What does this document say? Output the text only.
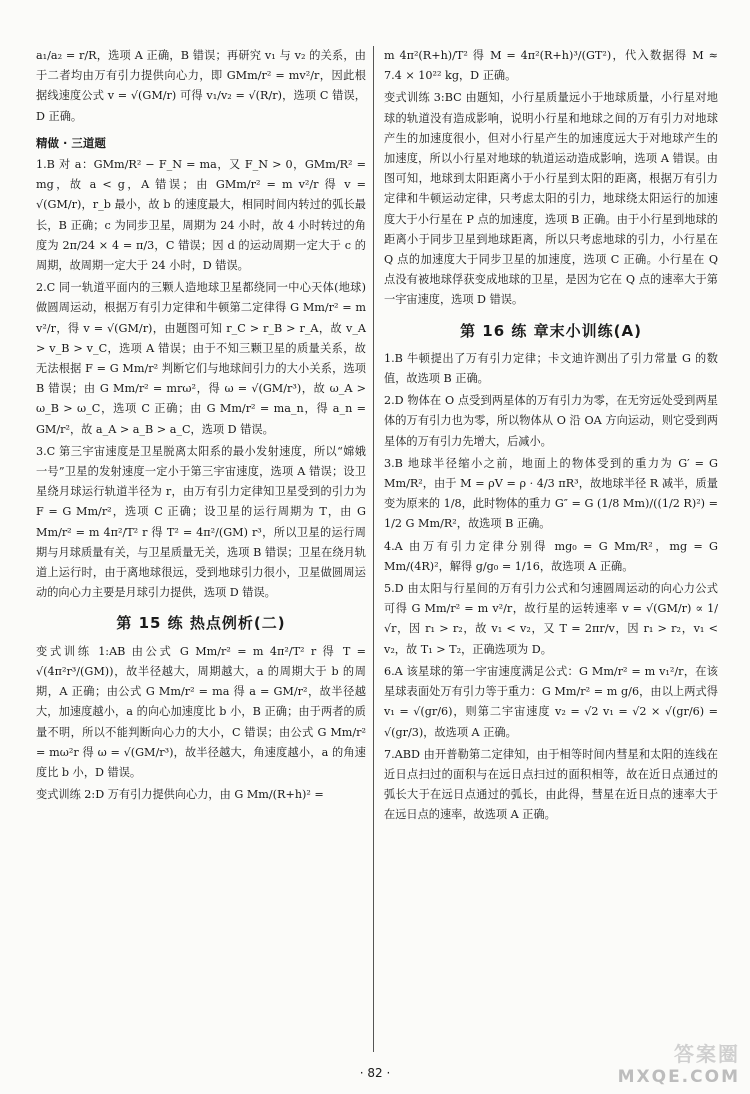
a₁/a₂ = r/R，选项 A 正确，B 错误；再研究 v₁ 与 v₂ 的关系，由于二者均由万有引力提供向心力，即 GMm/r² = mv²/r，因此根据线速度公式 v = √(GM/r) 可得 v₁/v₂ = √(R/r)，选项 C 错误，D 正确。

精做 · 三道题

1.B 对 a：GMm/R² − F_N = ma，又 F_N > 0，GMm/R² = mg，故 a < g，A 错误；由 GMm/r² = m v²/r 得 v = √(GM/r)，r_b 最小，故 b 的速度最大，相同时间内转过的弧长最长，B 正确；c 为同步卫星，周期为 24 小时，故 4 小时转过的角度为 2π/24 × 4 = π/3，C 错误；因 d 的运动周期一定大于 c 的周期，故周期一定大于 24 小时，D 错误。

2.C 同一轨道平面内的三颗人造地球卫星都绕同一中心天体(地球)做圆周运动，根据万有引力定律和牛顿第二定律得 G Mm/r² = m v²/r，得 v = √(GM/r)，由题图可知 r_C > r_B > r_A，故 v_A > v_B > v_C，选项 A 错误；由于不知三颗卫星的质量关系，故无法根据 F = G Mm/r² 判断它们与地球间引力的大小关系，选项 B 错误；由 G Mm/r² = mrω²，得 ω = √(GM/r³)，故 ω_A > ω_B > ω_C，选项 C 正确；由 G Mm/r² = ma_n，得 a_n = GM/r²，故 a_A > a_B > a_C，选项 D 错误。

3.C 第三宇宙速度是卫星脱离太阳系的最小发射速度，所以“嫦娥一号”卫星的发射速度一定小于第三宇宙速度，选项 A 错误；设卫星绕月球运行轨道半径为 r，由万有引力定律知卫星受到的引力为 F = G Mm/r²，选项 C 正确；设卫星的运行周期为 T，由 G Mm/r² = m 4π²/T² r 得 T² = 4π²/(GM) r³，所以卫星的运行周期与月球质量有关，与卫星质量无关，选项 B 错误；卫星在绕月轨道上运行时，由于离地球很远，受到地球引力很小，卫星做圆周运动的向心力主要是月球引力提供，选项 D 错误。

第 15 练 热点例析(二)

变式训练 1:AB 由公式 G Mm/r² = m 4π²/T² r 得 T = √(4π²r³/(GM))，故半径越大，周期越大，a 的周期大于 b 的周期，A 正确；由公式 G Mm/r² = ma 得 a = GM/r²，故半径越大，加速度越小，a 的向心加速度比 b 小，B 正确；由于两者的质量不明，所以不能判断向心力的大小，C 错误；由公式 G Mm/r² = mω²r 得 ω = √(GM/r³)，故半径越大，角速度越小，a 的角速度比 b 小，D 错误。

变式训练 2:D 万有引力提供向心力，由 G Mm/(R+h)² =

m 4π²(R+h)/T² 得 M = 4π²(R+h)³/(GT²)，代入数据得 M ≈ 7.4 × 10²² kg，D 正确。

变式训练 3:BC 由题知，小行星质量远小于地球质量，小行星对地球的轨道没有造成影响，说明小行星和地球之间的万有引力对地球产生的加速度很小，但对小行星产生的加速度远大于对地球产生的加速度，所以小行星对地球的轨道运动造成影响，选项 A 错误。由图可知，地球到太阳距离小于小行星到太阳的距离，根据万有引力定律和牛顿运动定律，只考虑太阳的引力，地球绕太阳运行的加速度大于小行星在 P 点的加速度，选项 B 正确。由于小行星到地球的距离小于同步卫星到地球距离，所以只考虑地球的引力，小行星在 Q 点的加速度大于同步卫星的加速度，选项 C 正确。小行星在 Q 点没有被地球俘获变成地球的卫星，是因为它在 Q 点的速率大于第一宇宙速度，选项 D 错误。

第 16 练 章末小训练(A)

1.B 牛顿提出了万有引力定律；卡文迪许测出了引力常量 G 的数值，故选项 B 正确。

2.D 物体在 O 点受到两星体的万有引力为零，在无穷远处受到两星体的万有引力也为零，所以物体从 O 沿 OA 方向运动，则它受到两星体的万有引力先增大，后减小。

3.B 地球半径缩小之前，地面上的物体受到的重力为 G′ = G Mm/R²，由于 M = ρV = ρ · 4/3 πR³，故地球半径 R 减半，质量变为原来的 1/8，此时物体的重力 G″ = G (1/8 Mm)/((1/2 R)²) = 1/2 G Mm/R²，故选项 B 正确。

4.A 由万有引力定律分别得 mg₀ = G Mm/R²，mg = G Mm/(4R)²，解得 g/g₀ = 1/16，故选项 A 正确。

5.D 由太阳与行星间的万有引力公式和匀速圆周运动的向心力公式可得 G Mm/r² = m v²/r，故行星的运转速率 v = √(GM/r) ∝ 1/√r，因 r₁ > r₂，故 v₁ < v₂，又 T = 2πr/v，因 r₁ > r₂，v₁ < v₂，故 T₁ > T₂，正确选项为 D。

6.A 该星球的第一宇宙速度满足公式：G Mm/r² = m v₁²/r，在该星球表面处万有引力等于重力：G Mm/r² = m g/6，由以上两式得 v₁ = √(gr/6)，则第二宇宙速度 v₂ = √2 v₁ = √2 × √(gr/6) = √(gr/3)，故选项 A 正确。

7.ABD 由开普勒第二定律知，由于相等时间内彗星和太阳的连线在近日点扫过的面积与在远日点扫过的面积相等，故在近日点通过的弧长大于在远日点通过的弧长，由此得，彗星在近日点的速率大于在远日点的速率，故选项 A 正确。

· 82 ·
答案圈
MXQE.COM
